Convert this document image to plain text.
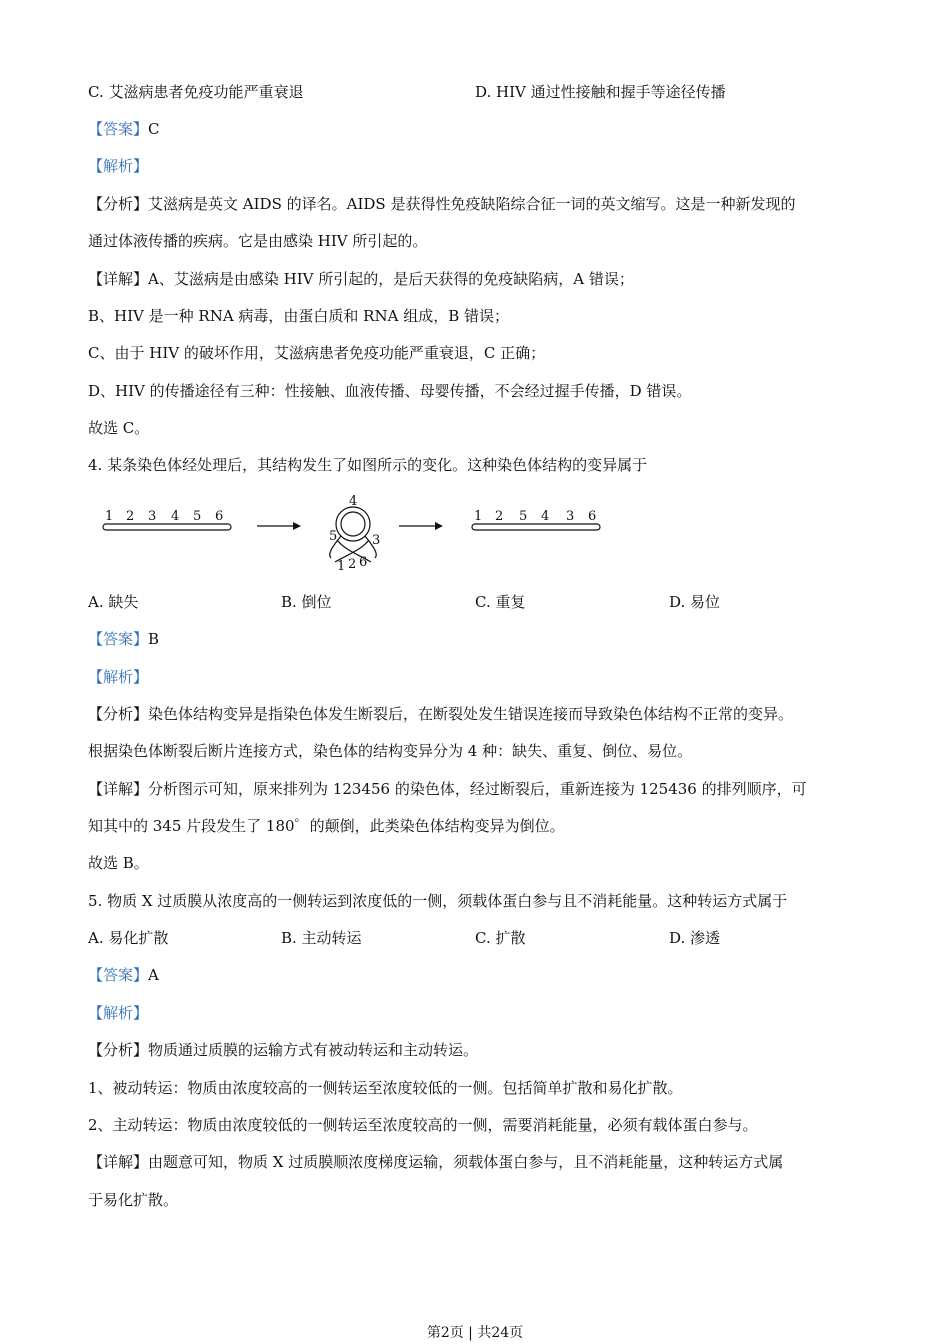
C. 艾滋病患者免疫功能严重衰退	D. HIV 通过性接触和握手等途径传播
【答案】C
【解析】
【分析】艾滋病是英文 AIDS 的译名。AIDS 是获得性免疫缺陷综合征一词的英文缩写。这是一种新发现的
通过体液传播的疾病。它是由感染 HIV 所引起的。
【详解】A、艾滋病是由感染 HIV 所引起的，是后天获得的免疫缺陷病，A 错误；
B、HIV 是一种 RNA 病毒，由蛋白质和 RNA 组成，B 错误；
C、由于 HIV 的破坏作用，艾滋病患者免疫功能严重衰退，C 正确；
D、HIV 的传播途径有三种：性接触、血液传播、母婴传播，不会经过握手传播，D 错误。
故选 C。
4. 某条染色体经处理后，其结构发生了如图所示的变化。这种染色体结构的变异属于
1 2 3 4 5 6
4
5	3
1 2 6
1 2 5 4 3 6
A. 缺失	B. 倒位	C. 重复	D. 易位
【答案】B
【解析】
【分析】染色体结构变异是指染色体发生断裂后，在断裂处发生错误连接而导致染色体结构不正常的变异。
根据染色体断裂后断片连接方式，染色体的结构变异分为 4 种：缺失、重复、倒位、易位。
【详解】分析图示可知，原来排列为 123456 的染色体，经过断裂后，重新连接为 125436 的排列顺序，可
知其中的 345 片段发生了 180゜的颠倒，此类染色体结构变异为倒位。
故选 B。
5. 物质 X 过质膜从浓度高的一侧转运到浓度低的一侧，须载体蛋白参与且不消耗能量。这种转运方式属于
A. 易化扩散	B. 主动转运	C. 扩散	D. 渗透
【答案】A
【解析】
【分析】物质通过质膜的运输方式有被动转运和主动转运。
1、被动转运：物质由浓度较高的一侧转运至浓度较低的一侧。包括简单扩散和易化扩散。
2、主动转运：物质由浓度较低的一侧转运至浓度较高的一侧，需要消耗能量，必须有载体蛋白参与。
【详解】由题意可知，物质 X 过质膜顺浓度梯度运输，须载体蛋白参与，且不消耗能量，这种转运方式属
于易化扩散。
第2页 | 共24页
